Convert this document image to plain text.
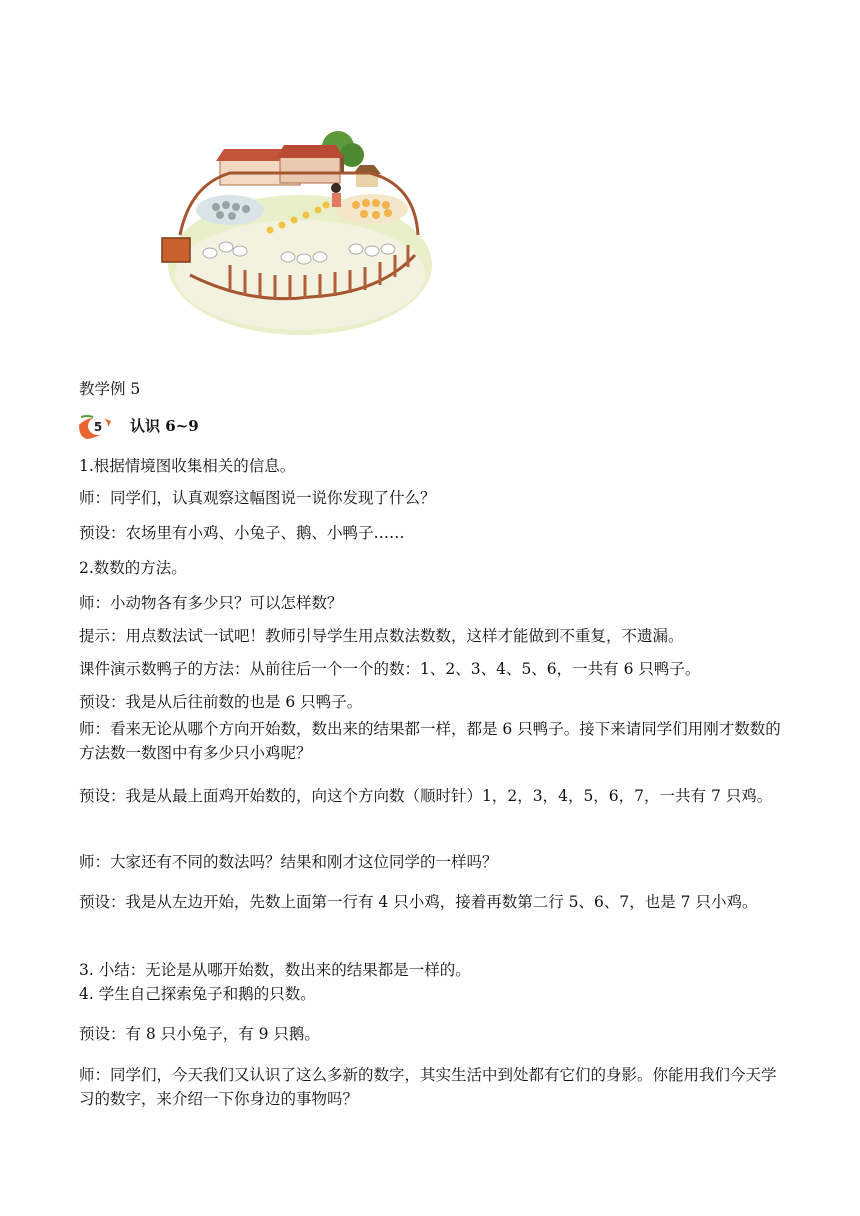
教学例 5
5 认识 6~9
1.根据情境图收集相关的信息。
师：同学们，认真观察这幅图说一说你发现了什么？
预设：农场里有小鸡、小兔子、鹅、小鸭子……
2.数数的方法。
师：小动物各有多少只？可以怎样数？
提示：用点数法试一试吧！教师引导学生用点数法数数，这样才能做到不重复，不遗漏。
课件演示数鸭子的方法：从前往后一个一个的数：1、2、3、4、5、6，一共有 6 只鸭子。
预设：我是从后往前数的也是 6 只鸭子。
师：看来无论从哪个方向开始数，数出来的结果都一样，都是 6 只鸭子。接下来请同学们用刚才数数的方法数一数图中有多少只小鸡呢？
预设：我是从最上面鸡开始数的，向这个方向数（顺时针）1，2，3，4，5，6，7，一共有 7 只鸡。
师：大家还有不同的数法吗？结果和刚才这位同学的一样吗？
预设：我是从左边开始，先数上面第一行有 4 只小鸡，接着再数第二行 5、6、7，也是 7 只小鸡。
3. 小结：无论是从哪开始数，数出来的结果都是一样的。
4. 学生自己探索兔子和鹅的只数。
预设：有 8 只小兔子，有 9 只鹅。
师：同学们，今天我们又认识了这么多新的数字，其实生活中到处都有它们的身影。你能用我们今天学习的数字，来介绍一下你身边的事物吗？
